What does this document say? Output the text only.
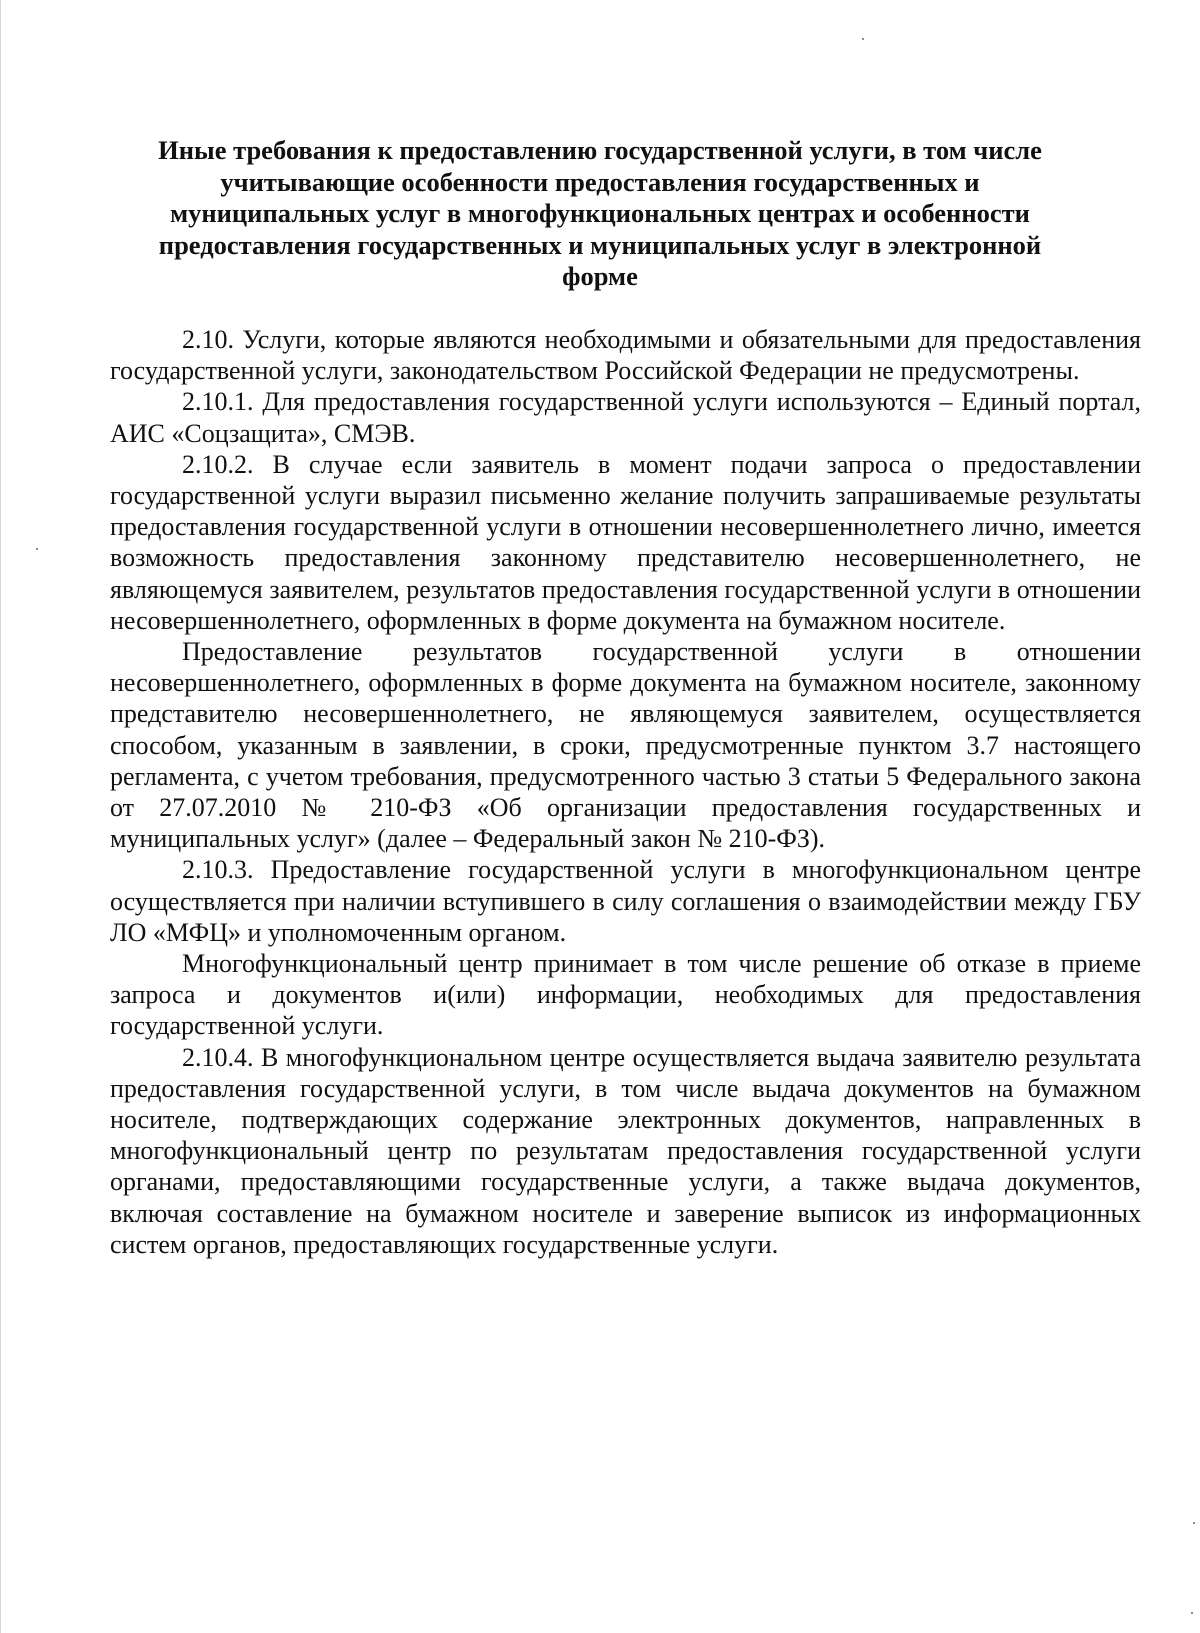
Иные требования к предоставлению государственной услуги, в том числе учитывающие особенности предоставления государственных и муниципальных услуг в многофункциональных центрах и особенности предоставления государственных и муниципальных услуг в электронной форме

2.10. Услуги, которые являются необходимыми и обязательными для предоставления государственной услуги, законодательством Российской Федерации не предусмотрены.

2.10.1. Для предоставления государственной услуги используются – Единый портал, АИС «Соцзащита», СМЭВ.

2.10.2. В случае если заявитель в момент подачи запроса о предоставлении государственной услуги выразил письменно желание получить запрашиваемые результаты предоставления государственной услуги в отношении несовершеннолетнего лично, имеется возможность предоставления законному представителю несовершеннолетнего, не являющемуся заявителем, результатов предоставления государственной услуги в отношении несовершеннолетнего, оформленных в форме документа на бумажном носителе.

Предоставление результатов государственной услуги в отношении несовершеннолетнего, оформленных в форме документа на бумажном носителе, законному представителю несовершеннолетнего, не являющемуся заявителем, осуществляется способом, указанным в заявлении, в сроки, предусмотренные пунктом 3.7 настоящего регламента, с учетом требования, предусмотренного частью 3 статьи 5 Федерального закона от 27.07.2010 № 210-ФЗ «Об организации предоставления государственных и муниципальных услуг» (далее – Федеральный закон № 210-ФЗ).

2.10.3. Предоставление государственной услуги в многофункциональном центре осуществляется при наличии вступившего в силу соглашения о взаимодействии между ГБУ ЛО «МФЦ» и уполномоченным органом.

Многофункциональный центр принимает в том числе решение об отказе в приеме запроса и документов и(или) информации, необходимых для предоставления государственной услуги.

2.10.4. В многофункциональном центре осуществляется выдача заявителю результата предоставления государственной услуги, в том числе выдача документов на бумажном носителе, подтверждающих содержание электронных документов, направленных в многофункциональный центр по результатам предоставления государственной услуги органами, предоставляющими государственные услуги, а также выдача документов, включая составление на бумажном носителе и заверение выписок из информационных систем органов, предоставляющих государственные услуги.
